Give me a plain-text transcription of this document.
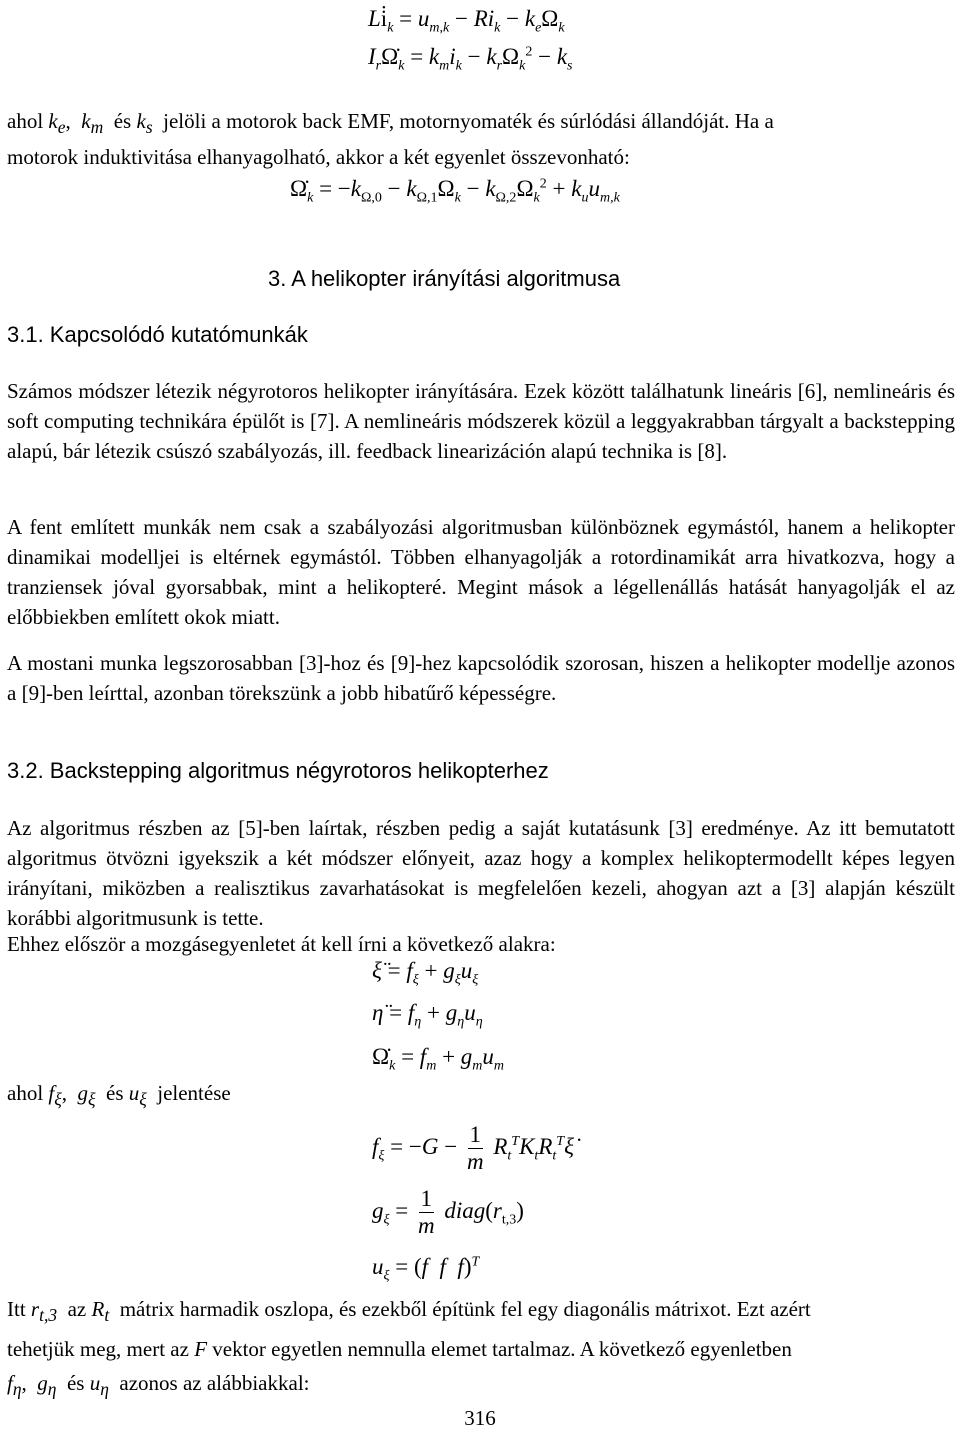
$Li̇_k = u_{m,k} - Ri_k - k_e\Omega_k$
$I_r\Omegȧ_k = k_mi_k - k_r\Omega_k^2 - k_s$

ahol $k_e$,  $k_m$ és $k_s$ jelöli a motorok back EMF, motornyomaték és súrlódási állandóját. Ha a

motorok induktivitása elhanyagolható, akkor a két egyenlet összevonható:

$\Omegȧ_k = -k_{\Omega,0} - k_{\Omega,1}\Omega_k - k_{\Omega,2}\Omega_k^2 + k_uu_{m,k}$
3. A helikopter irányítási algoritmusa
3.1. Kapcsolódó kutatómunkák
Számos módszer létezik négyrotoros helikopter irányítására. Ezek között találhatunk lineáris [6], nemlineáris és soft computing technikára épülőt is [7]. A nemlineáris módszerek közül a leggyakrabban tárgyalt a backstepping alapú, bár létezik csúszó szabályozás, ill. feedback linearizáción alapú technika is [8].
A fent említett munkák nem csak a szabályozási algoritmusban különböznek egymástól, hanem a helikopter dinamikai modelljei is eltérnek egymástól. Többen elhanyagolják a rotordinamikát arra hivatkozva, hogy a tranziensek jóval gyorsabbak, mint a helikopteré. Megint mások a légellenállás hatását hanyagolják el az előbbiekben említett okok miatt.
A mostani munka legszorosabban [3]-hoz és [9]-hez kapcsolódik szorosan, hiszen a helikopter modellje azonos a [9]-ben leírttal, azonban törekszünk a jobb hibatűrő képességre.
3.2. Backstepping algoritmus négyrotoros helikopterhez
Az algoritmus részben az [5]-ben laírtak, részben pedig a saját kutatásunk [3] eredménye. Az itt bemutatott algoritmus ötvözni igyekszik a két módszer előnyeit, azaz hogy a komplex helikoptermodellt képes legyen irányítani, miközben a realisztikus zavarhatásokat is megfelelően kezeli, ahogyan azt a [3] alapján készült korábbi algoritmusunk is tette.
Ehhez először a mozgásegyenletet át kell írni a következő alakra:
ξ̈ = $f_\xi + g_\xi u_\xi$
η̈ = $f_\eta + g_\eta u_\eta$
$\Omegȧ_k = f_m + g_mu_m$
ahol $f_\xi$,  $g_\xi$ és $u_\xi$ jelentése
$f_\xi = -G - \frac{1}{m}$ $R_t^TK_tR_t^T\xi̇$
$g_\xi = \frac{1}{m}$ $diag(r_{t,3})$
$u_\xi = (f$  f  f)$^T$

Itt $r_{t,3}$ az $R_t$ mátrix harmadik oszlopa, és ezekből építünk fel egy diagonális mátrixot. Ezt azért

tehetjük meg, mert az F vektor egyetlen nemnulla elemet tartalmaz. A következő egyenletben

$f_\eta$,  $g_\eta$ és $u_\eta$ azonos az alábbiakkal:

316
